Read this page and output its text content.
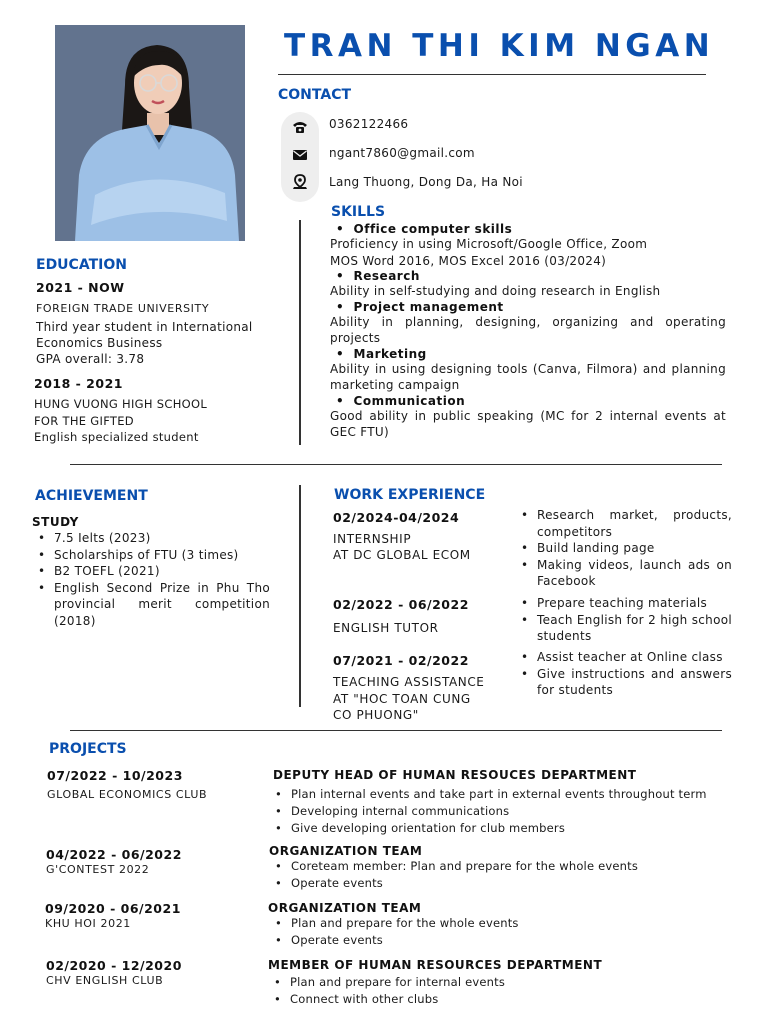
TRAN THI KIM NGAN
CONTACT
0362122466
ngant7860@gmail.com
Lang Thuong, Dong Da, Ha Noi
SKILLS
•  Office computer skills
Proficiency in using Microsoft/Google Office, Zoom
MOS Word 2016, MOS Excel 2016 (03/2024)
•  Research
Ability in self-studying and doing research in English
•  Project management
Ability in planning, designing, organizing and operating projects
•  Marketing
Ability in using designing tools (Canva, Filmora) and planning marketing campaign
•  Communication
Good ability in public speaking (MC for 2 internal events at GEC FTU)
EDUCATION
2021 - NOW
FOREIGN TRADE UNIVERSITY
Third year student in International Economics Business
GPA overall: 3.78
2018 - 2021
HUNG VUONG HIGH SCHOOL
FOR THE GIFTED
English specialized student
ACHIEVEMENT
STUDY
• 7.5 Ielts (2023)
• Scholarships of FTU (3 times)
• B2 TOEFL (2021)
• English Second Prize in Phu Tho provincial merit competition (2018)
WORK EXPERIENCE
02/2024-04/2024
INTERNSHIP
AT DC GLOBAL ECOM
• Research market, products, competitors
• Build landing page
• Making videos, launch ads on Facebook
02/2022 - 06/2022
ENGLISH TUTOR
• Prepare teaching materials
• Teach English for 2 high school students
07/2021 - 02/2022
TEACHING ASSISTANCE
AT "HOC TOAN CUNG
CO PHUONG"
• Assist teacher at Online class
• Give instructions and answers for students
PROJECTS
07/2022 - 10/2023
GLOBAL ECONOMICS CLUB
DEPUTY HEAD OF HUMAN RESOUCES DEPARTMENT
• Plan internal events and take part in external events throughout term
• Developing internal communications
• Give developing orientation for club members
04/2022 - 06/2022
G'CONTEST 2022
ORGANIZATION TEAM
• Coreteam member: Plan and prepare for the whole events
• Operate events
09/2020 - 06/2021
KHU HOI 2021
ORGANIZATION TEAM
• Plan and prepare for the whole events
• Operate events
02/2020 - 12/2020
CHV ENGLISH CLUB
MEMBER OF HUMAN RESOURCES DEPARTMENT
• Plan and prepare for internal events
• Connect with other clubs
